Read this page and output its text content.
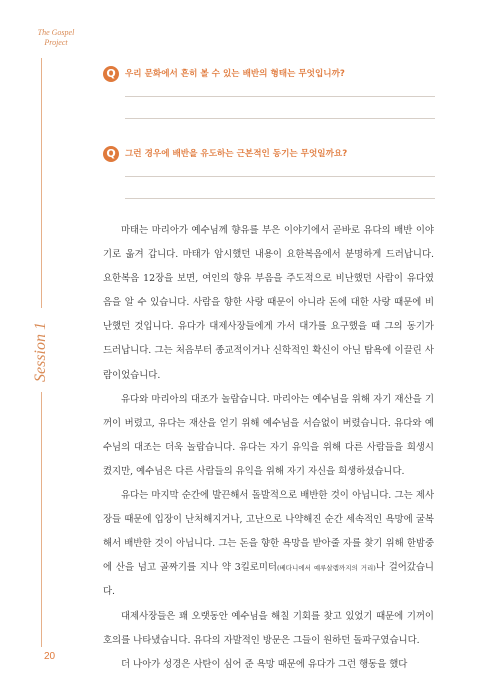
The Gospel
Project
Session 1
Q	우리 문화에서 흔히 볼 수 있는 배반의 형태는 무엇입니까?
Q	그런 경우에 배반을 유도하는 근본적인 동기는 무엇일까요?

마태는 마리아가 예수님께 향유를 부은 이야기에서 곧바로 유다의 배반 이야기로 옮겨 갑니다. 마태가 암시했던 내용이 요한복음에서 분명하게 드러납니다. 요한복음 12장을 보면, 여인의 향유 부음을 주도적으로 비난했던 사람이 유다였음을 알 수 있습니다. 사람을 향한 사랑 때문이 아니라 돈에 대한 사랑 때문에 비난했던 것입니다. 유다가 대제사장들에게 가서 대가를 요구했을 때 그의 동기가 드러납니다. 그는 처음부터 종교적이거나 신학적인 확신이 아닌 탐욕에 이끌린 사람이었습니다.

유다와 마리아의 대조가 놀랍습니다. 마리아는 예수님을 위해 자기 재산을 기꺼이 버렸고, 유다는 재산을 얻기 위해 예수님을 서슴없이 버렸습니다. 유다와 예수님의 대조는 더욱 놀랍습니다. 유다는 자기 유익을 위해 다른 사람들을 희생시켰지만, 예수님은 다른 사람들의 유익을 위해 자기 자신을 희생하셨습니다.

유다는 마지막 순간에 발끈해서 돌발적으로 배반한 것이 아닙니다. 그는 제사장들 때문에 입장이 난처해지거나, 고난으로 나약해진 순간 세속적인 욕망에 굴복해서 배반한 것이 아닙니다. 그는 돈을 향한 욕망을 받아줄 자를 찾기 위해 한밤중에 산을 넘고 골짜기를 지나 약 3킬로미터(베다니에서 예루살렘까지의 거리)나 걸어갔습니다.

대제사장들은 꽤 오랫동안 예수님을 해칠 기회를 찾고 있었기 때문에 기꺼이 호의를 나타냈습니다. 유다의 자발적인 방문은 그들이 원하던 돌파구였습니다.

더 나아가 성경은 사탄이 심어 준 욕망 때문에 유다가 그런 행동을 했다

20
